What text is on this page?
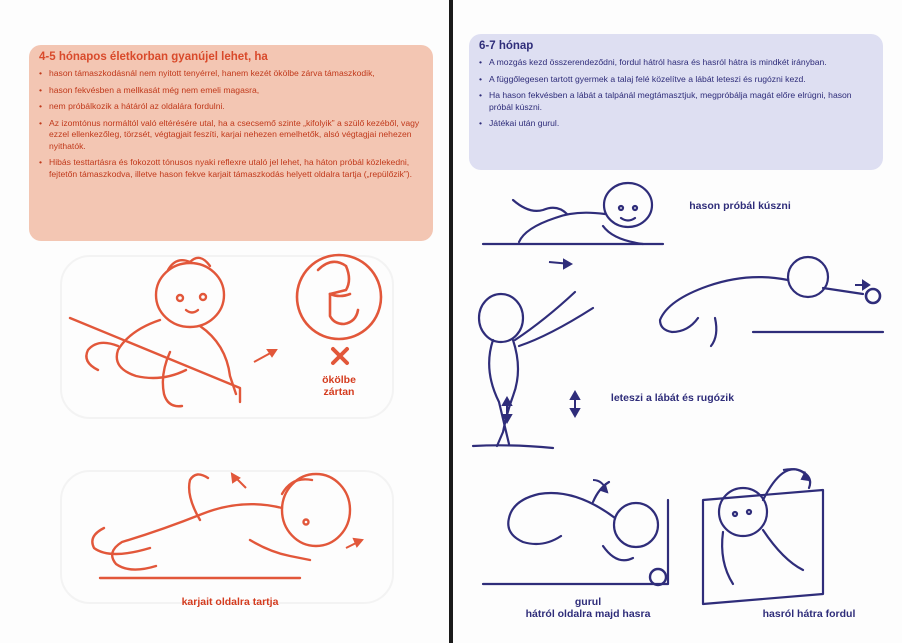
4-5 hónapos életkorban gyanújel lehet, ha
• hason támaszkodásnál nem nyitott tenyérrel, hanem kezét ökölbe zárva támaszkodik,
• hason fekvésben a mellkasát még nem emeli magasra,
• nem próbálkozik a hátáról az oldalára fordulni.
• Az izomtónus normáltól való eltérésére utal, ha a csecsemő szinte „kifolyik” a szülő kezéből, vagy ezzel ellenkezőleg, törzsét, végtagjait feszíti, karjai nehezen emelhetők, alsó végtagjai nehezen nyithatók.
• Hibás testtartásra és fokozott tónusos nyaki reflexre utaló jel lehet, ha háton próbál közlekedni, fejtetőn támaszkodva, illetve hason fekve karjait támaszkodás helyett oldalra tartja („repülőzik”).
ökölbe
zártan
karjait oldalra tartja
6-7 hónap
• A mozgás kezd összerendeződni, fordul hátról hasra és hasról hátra is mindkét irányban.
• A függőlegesen tartott gyermek a talaj felé közelítve a lábát leteszi és rugózni kezd.
• Ha hason fekvésben a lábát a talpánál megtámasztjuk, megpróbálja magát előre elrúgni, hason próbál kúszni.
• Játékai után gurul.
hason próbál kúszni
leteszi a lábát és rugózik
gurul
hátról oldalra majd hasra	hasról hátra fordul
